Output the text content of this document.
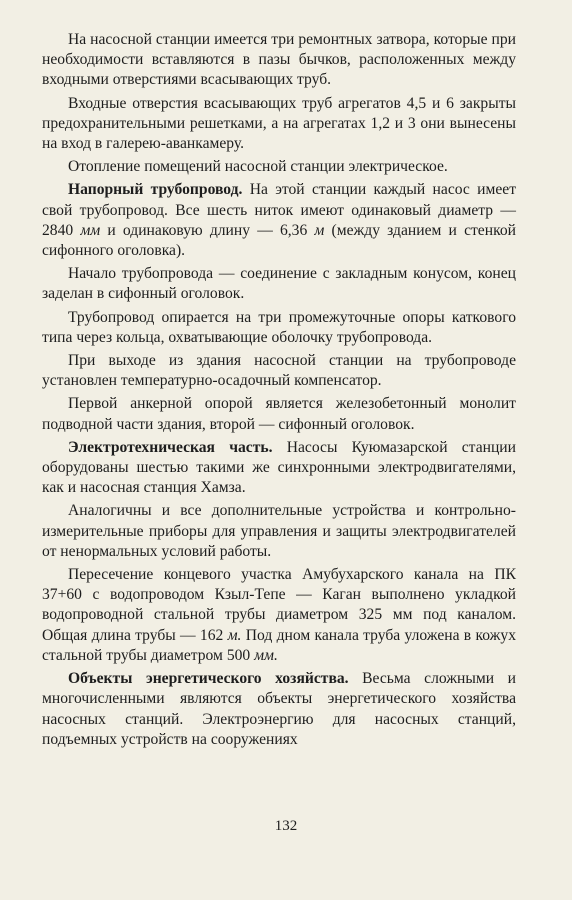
На насосной станции имеется три ремонтных затвора, которые при необходимости вставляются в пазы бычков, расположенных между входными отверстиями всасывающих труб.

Входные отверстия всасывающих труб агрегатов 4,5 и 6 закрыты предохранительными решетками, а на агрегатах 1,2 и 3 они вынесены на вход в галерею-аванкамеру.

Отопление помещений насосной станции электрическое.

Напорный трубопровод. На этой станции каждый насос имеет свой трубопровод. Все шесть ниток имеют одинаковый диаметр — 2840 мм и одинаковую длину — 6,36 м (между зданием и стенкой сифонного оголовка).

Начало трубопровода — соединение с закладным конусом, конец заделан в сифонный оголовок.

Трубопровод опирается на три промежуточные опоры каткового типа через кольца, охватывающие оболочку трубопровода.

При выходе из здания насосной станции на трубопроводе установлен температурно-осадочный компенсатор.

Первой анкерной опорой является железобетонный монолит подводной части здания, второй — сифонный оголовок.

Электротехническая часть. Насосы Куюмазарской станции оборудованы шестью такими же синхронными электродвигателями, как и насосная станция Хамза.

Аналогичны и все дополнительные устройства и контрольно-измерительные приборы для управления и защиты электродвигателей от ненормальных условий работы.

Пересечение концевого участка Амубухарского канала на ПК 37+60 с водопроводом Кзыл-Тепе — Каган выполнено укладкой водопроводной стальной трубы диаметром 325 мм под каналом. Общая длина трубы — 162 м. Под дном канала труба уложена в кожух стальной трубы диаметром 500 мм.

Объекты энергетического хозяйства. Весьма сложными и многочисленными являются объекты энергетического хозяйства насосных станций. Электроэнергию для насосных станций, подъемных устройств на сооружениях

132
